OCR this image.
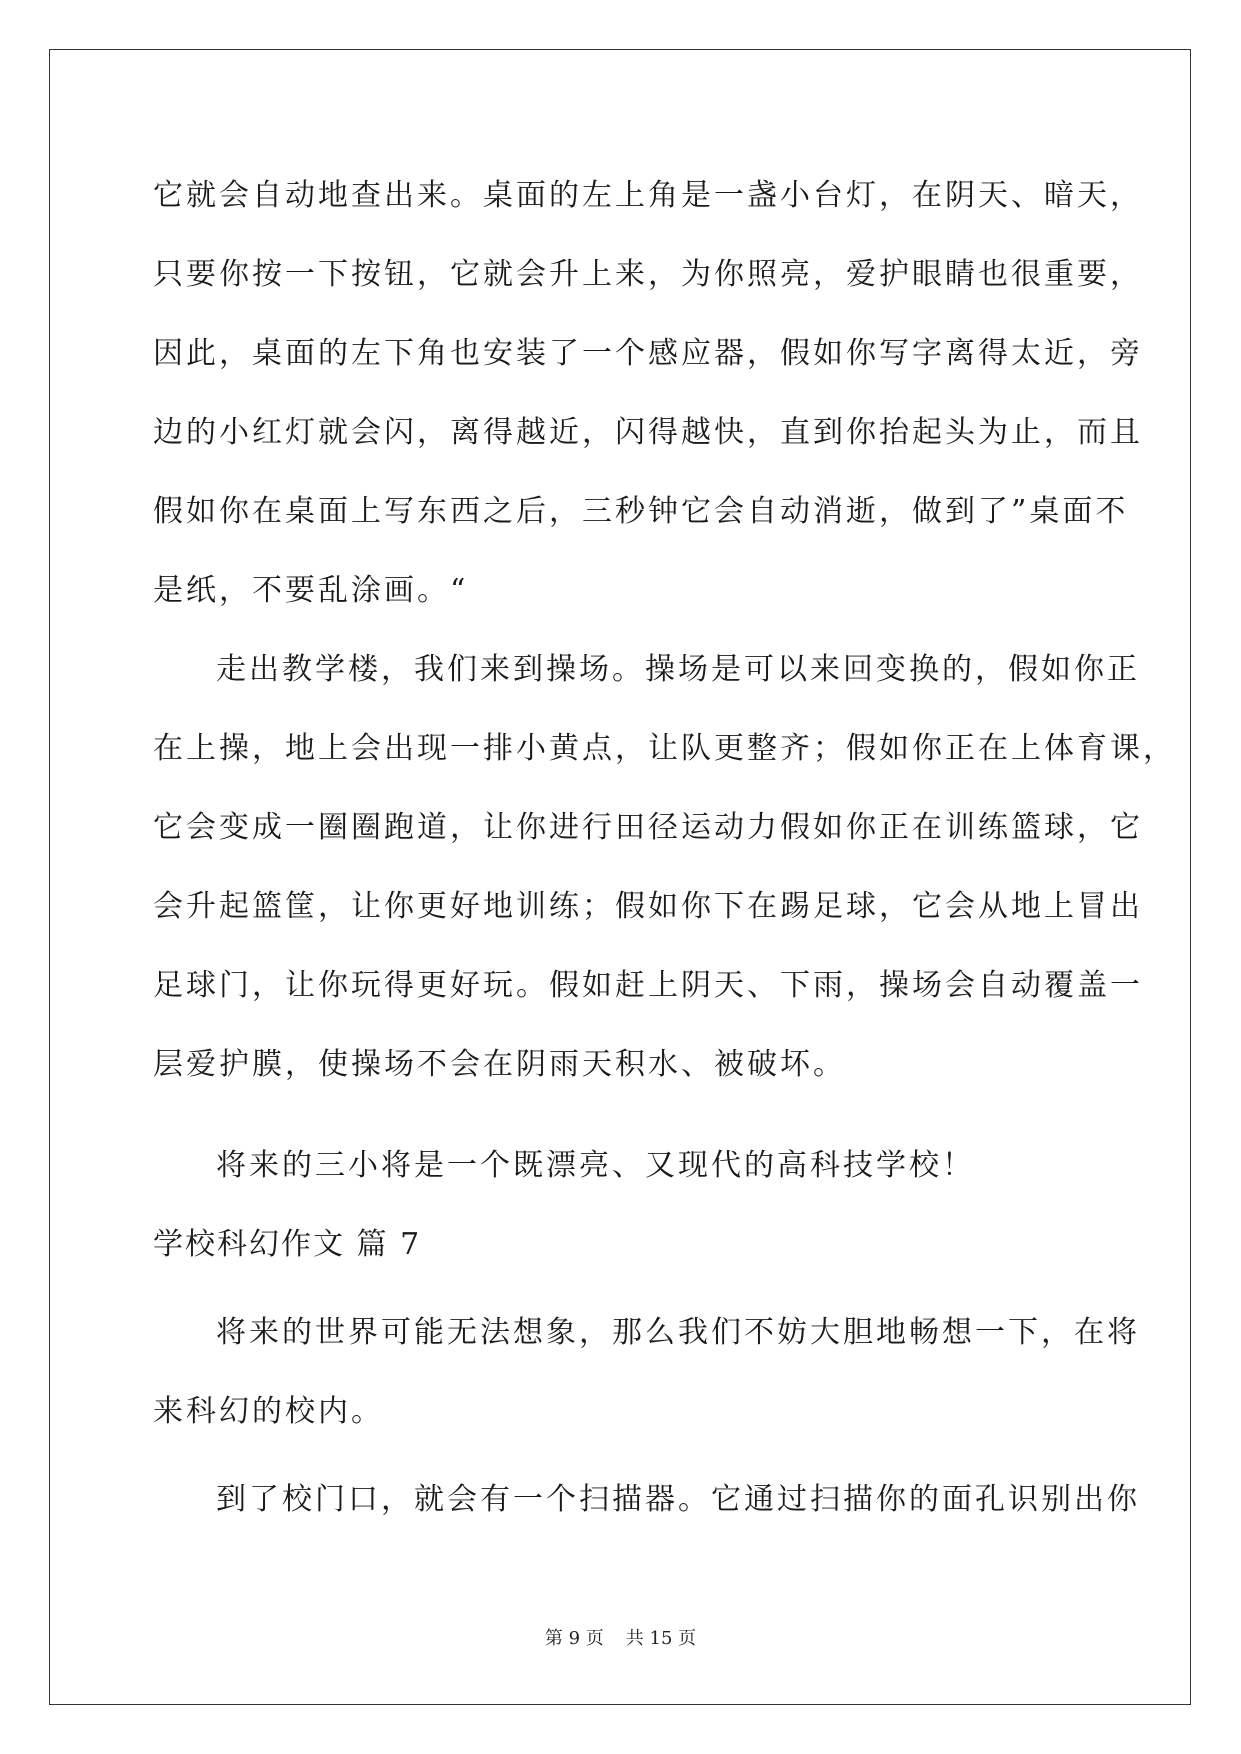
它就会自动地查出来。桌面的左上角是一盏小台灯，在阴天、暗天，

只要你按一下按钮，它就会升上来，为你照亮，爱护眼睛也很重要，

因此，桌面的左下角也安装了一个感应器，假如你写字离得太近，旁

边的小红灯就会闪，离得越近，闪得越快，直到你抬起头为止，而且

假如你在桌面上写东西之后，三秒钟它会自动消逝，做到了”桌面不

是纸，不要乱涂画。“

走出教学楼，我们来到操场。操场是可以来回变换的，假如你正

在上操，地上会出现一排小黄点，让队更整齐；假如你正在上体育课，

它会变成一圈圈跑道，让你进行田径运动力假如你正在训练篮球，它

会升起篮筐，让你更好地训练；假如你下在踢足球，它会从地上冒出

足球门，让你玩得更好玩。假如赶上阴天、下雨，操场会自动覆盖一

层爱护膜，使操场不会在阴雨天积水、被破坏。

将来的三小将是一个既漂亮、又现代的高科技学校！

学校科幻作文 篇 7

将来的世界可能无法想象，那么我们不妨大胆地畅想一下，在将

来科幻的校内。

到了校门口，就会有一个扫描器。它通过扫描你的面孔识别出你

第 9 页 共 15 页
